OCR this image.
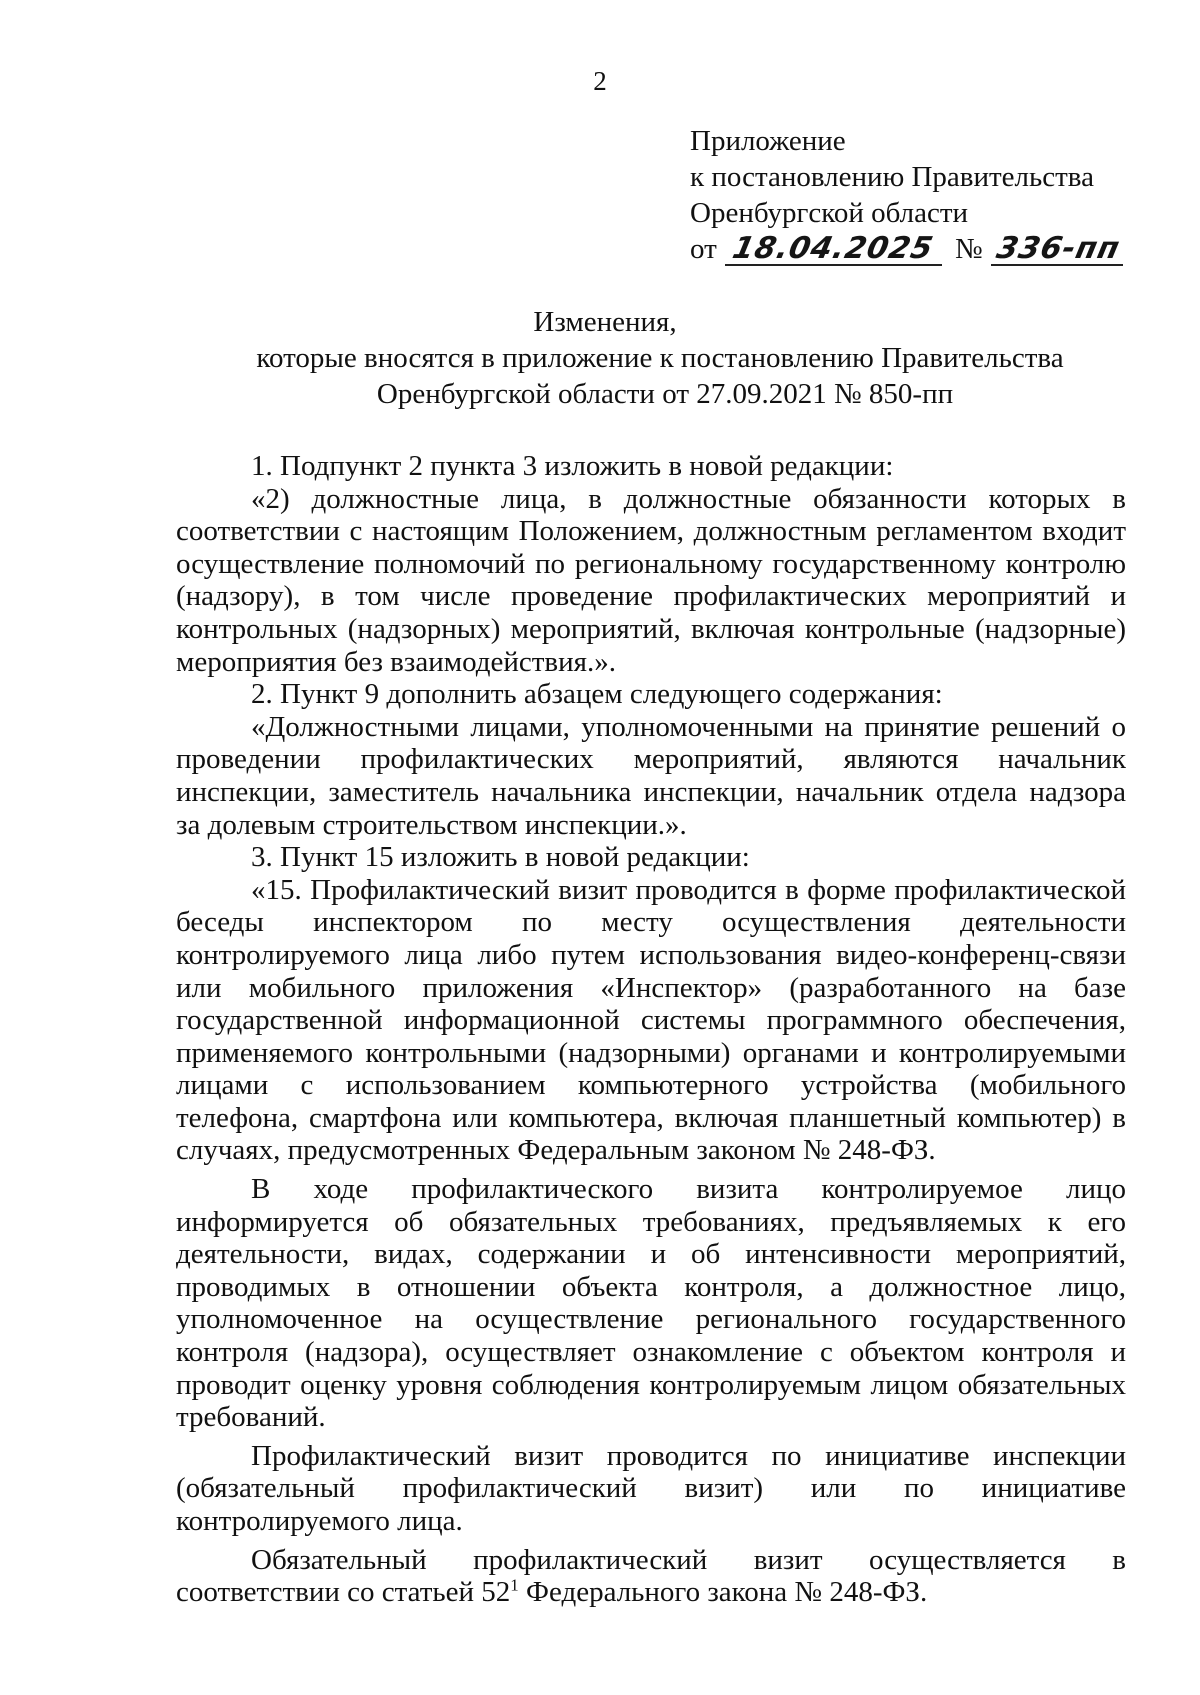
2
Приложение
к постановлению Правительства
Оренбургской области
от 18.04.2025 № 336-пп
Изменения,
которые вносятся в приложение к постановлению Правительства
Оренбургской области от 27.09.2021 № 850-пп

1. Подпункт 2 пункта 3 изложить в новой редакции:

«2) должностные лица, в должностные обязанности которых в соответствии с настоящим Положением, должностным регламентом входит осуществление полномочий по региональному государственному контролю (надзору), в том числе проведение профилактических мероприятий и контрольных (надзорных) мероприятий, включая контрольные (надзорные) мероприятия без взаимодействия.».

2. Пункт 9 дополнить абзацем следующего содержания:

«Должностными лицами, уполномоченными на принятие решений о проведении профилактических мероприятий, являются начальник инспекции, заместитель начальника инспекции, начальник отдела надзора за долевым строительством инспекции.».

3. Пункт 15 изложить в новой редакции:

«15. Профилактический визит проводится в форме профилактической беседы инспектором по месту осуществления деятельности контролируемого лица либо путем использования видео-конференц-связи или мобильного приложения «Инспектор» (разработанного на базе государственной информационной системы программного обеспечения, применяемого контрольными (надзорными) органами и контролируемыми лицами с использованием компьютерного устройства (мобильного телефона, смартфона или компьютера, включая планшетный компьютер) в случаях, предусмотренных Федеральным законом № 248-ФЗ.

В ходе профилактического визита контролируемое лицо информируется об обязательных требованиях, предъявляемых к его деятельности, видах, содержании и об интенсивности мероприятий, проводимых в отношении объекта контроля, а должностное лицо, уполномоченное на осуществление регионального государственного контроля (надзора), осуществляет ознакомление с объектом контроля и проводит оценку уровня соблюдения контролируемым лицом обязательных требований.

Профилактический визит проводится по инициативе инспекции (обязательный профилактический визит) или по инициативе контролируемого лица.

Обязательный профилактический визит осуществляется в соответствии со статьей $52^1$ Федерального закона № 248-ФЗ.
